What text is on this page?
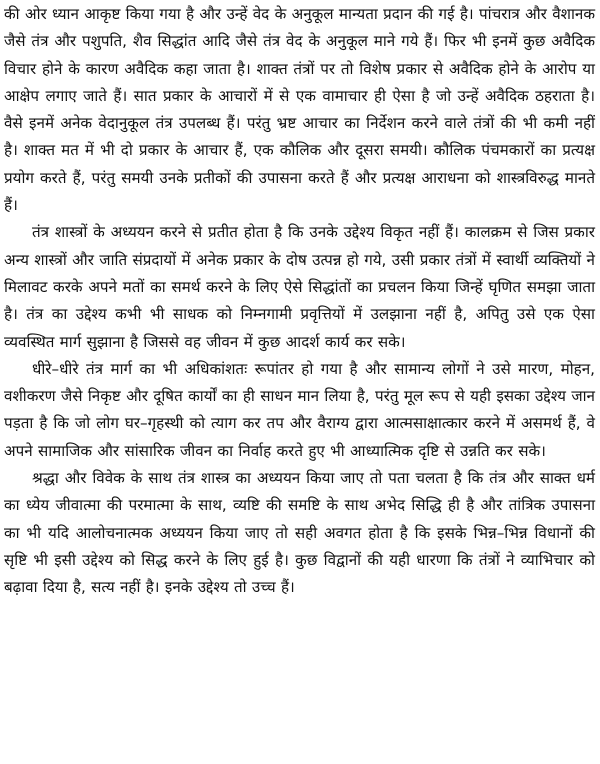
की ओर ध्यान आकृष्ट किया गया है और उन्हें वेद के अनुकूल मान्यता प्रदान की गई है। पांचरात्र और वैशानक जैसे तंत्र और पशुपति, शैव सिद्धांत आदि जैसे तंत्र वेद के अनुकूल माने गये हैं। फिर भी इनमें कुछ अवैदिक विचार होने के कारण अवैदिक कहा जाता है। शाक्त तंत्रों पर तो विशेष प्रकार से अवैदिक होने के आरोप या आक्षेप लगाए जाते हैं। सात प्रकार के आचारों में से एक वामाचार ही ऐसा है जो उन्हें अवैदिक ठहराता है। वैसे इनमें अनेक वेदानुकूल तंत्र उपलब्ध हैं। परंतु भ्रष्ट आचार का निर्देशन करने वाले तंत्रों की भी कमी नहीं है। शाक्त मत में भी दो प्रकार के आचार हैं, एक कौलिक और दूसरा समयी। कौलिक पंचमकारों का प्रत्यक्ष प्रयोग करते हैं, परंतु समयी उनके प्रतीकों की उपासना करते हैं और प्रत्यक्ष आराधना को शास्त्रविरुद्ध मानते हैं।

तंत्र शास्त्रों के अध्ययन करने से प्रतीत होता है कि उनके उद्देश्य विकृत नहीं हैं। कालक्रम से जिस प्रकार अन्य शास्त्रों और जाति संप्रदायों में अनेक प्रकार के दोष उत्पन्न हो गये, उसी प्रकार तंत्रों में स्वार्थी व्यक्तियों ने मिलावट करके अपने मतों का समर्थ करने के लिए ऐसे सिद्धांतों का प्रचलन किया जिन्हें घृणित समझा जाता है। तंत्र का उद्देश्य कभी भी साधक को निम्नगामी प्रवृत्तियों में उलझाना नहीं है, अपितु उसे एक ऐसा व्यवस्थित मार्ग सुझाना है जिससे वह जीवन में कुछ आदर्श कार्य कर सके।

धीरे–धीरे तंत्र मार्ग का भी अधिकांशतः रूपांतर हो गया है और सामान्य लोगों ने उसे मारण, मोहन, वशीकरण जैसे निकृष्ट और दूषित कार्यों का ही साधन मान लिया है, परंतु मूल रूप से यही इसका उद्देश्य जान पड़ता है कि जो लोग घर–गृहस्थी को त्याग कर तप और वैराग्य द्वारा आत्मसाक्षात्कार करने में असमर्थ हैं, वे अपने सामाजिक और सांसारिक जीवन का निर्वाह करते हुए भी आध्यात्मिक दृष्टि से उन्नति कर सके।

श्रद्धा और विवेक के साथ तंत्र शास्त्र का अध्ययन किया जाए तो पता चलता है कि तंत्र और साक्त धर्म का ध्येय जीवात्मा की परमात्मा के साथ, व्यष्टि की समष्टि के साथ अभेद सिद्धि ही है और तांत्रिक उपासना का भी यदि आलोचनात्मक अध्ययन किया जाए तो सही अवगत होता है कि इसके भिन्न–भिन्न विधानों की सृष्टि भी इसी उद्देश्य को सिद्ध करने के लिए हुई है। कुछ विद्वानों की यही धारणा कि तंत्रों ने व्याभिचार को बढ़ावा दिया है, सत्य नहीं है। इनके उद्देश्य तो उच्च हैं।
